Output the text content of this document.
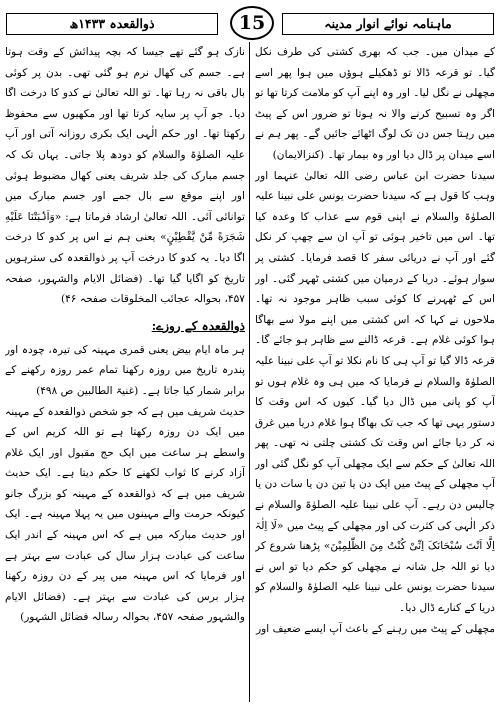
ذوالقعدہ ۱۴۳۳ھ	15	ماہنامہ نوائے انوار مدینہ

کے میدان میں۔ جب کہ بھری کشتی کی طرف نکل گیا۔ تو قرعہ ڈالا تو ڈھکیلے ہوؤں میں ہوا پھر اسے مچھلی نے نگل لیا۔ اور وہ اپنے آپ کو ملامت کرتا تھا تو اگر وہ تسبیح کرنے والا نہ ہوتا تو ضرور اس کے پیٹ میں رہتا جس دن تک لوگ اٹھائے جائیں گے۔ پھر ہم نے اسے میدان پر ڈال دیا اور وہ بیمار تھا۔ (کنزالایمان)

سیدنا حضرت ابن عباس رضی اللہ تعالیٰ عنہما اور وہب کا قول ہے کہ سیدنا حضرت یونس علی نبینا علیہ الصلوٰۃ والسلام نے اپنی قوم سے عذاب کا وعدہ کیا تھا۔ اس میں تاخیر ہوئی تو آپ ان سے چھپ کر نکل گئے اور آپ نے دریائی سفر کا قصد فرمایا۔ کشتی پر سوار ہوئے۔ دریا کے درمیان میں کشتی ٹھہر گئی۔ اور اس کے ٹھہرنے کا کوئی سبب ظاہر موجود نہ تھا۔ ملاحوں نے کہا کہ اس کشتی میں اپنے مولا سے بھاگا ہوا کوئی غلام ہے۔ قرعہ ڈالنے سے ظاہر ہو جائے گا۔ قرعہ ڈالا گیا تو آپ ہی کا نام نکلا تو آپ علی نبینا علیہ الصلوٰۃ والسلام نے فرمایا کہ میں ہی وہ غلام ہوں تو آپ کو پانی میں ڈال دیا گیا۔ کیوں کہ اس وقت کا دستور یہی تھا کہ جب تک بھاگا ہوا غلام دریا میں غرق نہ کر دیا جائے اس وقت تک کشتی چلتی نہ تھی۔ پھر اللہ تعالیٰ کے حکم سے ایک مچھلی آپ کو نگل گئی اور آپ مچھلی کے پیٹ میں ایک دن یا تین دن یا سات دن یا چالیس دن رہے۔ آپ علی نبینا علیہ الصلوٰۃ والسلام نے ذکر الٰہی کی کثرت کی اور مچھلی کے پیٹ میں «لَا اِلٰہَ اِلَّا اَنْتَ سُبْحَانَکَ اِنِّیْ کُنْتُ مِنَ الظّٰلِمِیْنَ» پڑھنا شروع کر دیا تو اللہ جل شانہ نے مچھلی کو حکم دیا تو اس نے سیدنا حضرت یونس علی نبینا علیہ الصلوٰۃ والسلام کو دریا کے کنارے ڈال دیا۔

مچھلی کے پیٹ میں رہنے کے باعث آپ ایسے ضعیف اور

نازک ہو گئے تھے جیسا کہ بچہ پیدائش کے وقت ہوتا ہے۔ جسم کی کھال نرم ہو گئی تھی۔ بدن پر کوئی بال باقی نہ رہا تھا۔ تو اللہ تعالیٰ نے کدو کا درخت اگا دیا۔ جو آپ پر سایہ کرتا تھا اور مکھیوں سے محفوظ رکھتا تھا۔ اور حکم الٰہی ایک بکری روزانہ آتی اور آپ علیہ الصلوٰۃ والسلام کو دودھ پلا جاتی۔ یہاں تک کہ جسم مبارک کی جلد شریف یعنی کھال مضبوط ہوئی اور اپنے موقع سے بال جمے اور جسم مبارک میں توانائی آئی۔ اللہ تعالیٰ ارشاد فرماتا ہے: «وَاَنْۢبَتْنَا عَلَیْهِ شَجَرَةً مِّنْ یَّقْطِیْنٍ» یعنی ہم نے اس پر کدو کا درخت اگا دیا۔ یہ کدو کا درخت آپ پر ذوالقعدہ کی سترہویں تاریخ کو اگایا گیا تھا۔ (فضائل الایام والشہور، صفحہ ۴۵۷، بحوالہ عجائب المخلوقات صفحہ ۴۶)

ذوالقعدہ کے روزے:

ہر ماہ ایام بیض یعنی قمری مہینہ کی تیرہ، چودہ اور پندرہ تاریخ میں روزہ رکھنا تمام عمر روزہ رکھنے کے برابر شمار کیا جاتا ہے۔ (غنیۃ الطالبین ص ۴۹۸)

حدیث شریف میں ہے کہ جو شخص ذوالقعدہ کے مہینہ میں ایک دن روزہ رکھتا ہے تو اللہ کریم اس کے واسطے ہر ساعت میں ایک حج مقبول اور ایک غلام آزاد کرنے کا ثواب لکھنے کا حکم دیتا ہے۔ ایک حدیث شریف میں ہے کہ ذوالقعدہ کے مہینہ کو بزرگ جانو کیونکہ حرمت والے مہینوں میں یہ پہلا مہینہ ہے۔ ایک اور حدیث مبارکہ میں ہے کہ اس مہینہ کے اندر ایک ساعت کی عبادت ہزار سال کی عبادت سے بہتر ہے اور فرمایا کہ اس مہینہ میں پیر کے دن روزہ رکھنا ہزار برس کی عبادت سے بہتر ہے۔ (فضائل الایام والشہور صفحہ ۴۵۷، بحوالہ رسالہ فضائل الشہور)
